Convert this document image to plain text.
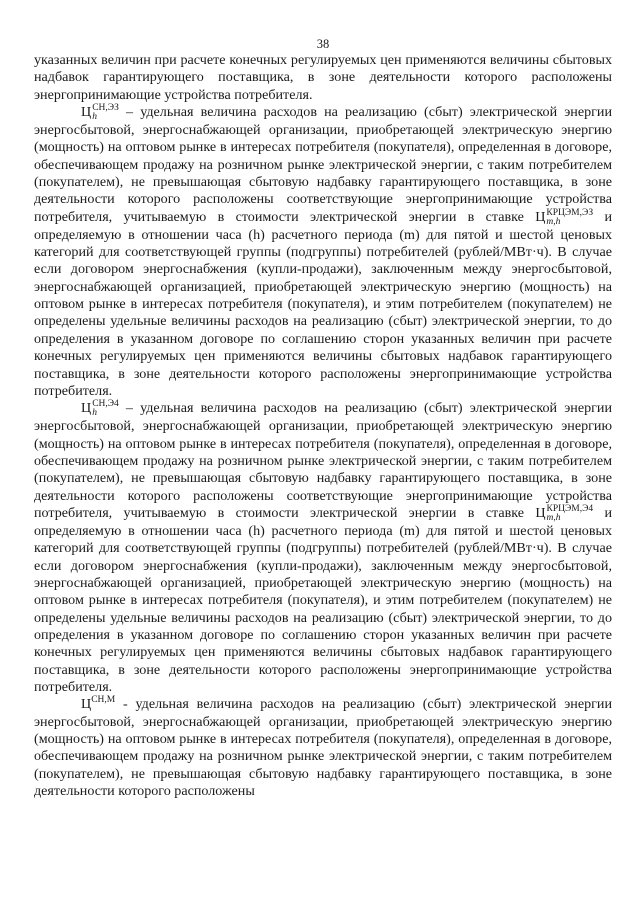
38

указанных величин при расчете конечных регулируемых цен применяются величины сбытовых надбавок гарантирующего поставщика, в зоне деятельности которого расположены энергопринимающие устройства потребителя.

Ц СН,ЭЗ
h	– удельная величина расходов на реализацию (сбыт) электрической энергии энергосбытовой, энергоснабжающей организации, приобретающей электрическую энергию (мощность) на оптовом рынке в интересах потребителя (покупателя), определенная в договоре, обеспечивающем продажу на розничном рынке электрической энергии, с таким потребителем (покупателем), не превышающая сбытовую надбавку гарантирующего поставщика, в зоне деятельности которого расположены соответствующие энергопринимающие устройства потребителя, учитываемую в стоимости электрической энергии в ставке Ц КРЦЭМ,ЭЗ
m,h	и определяемую в отношении часа (h) расчетного периода (m) для пятой и шестой ценовых категорий для соответствующей группы (подгруппы) потребителей (рублей/МВт·ч). В случае если договором энергоснабжения (купли-продажи), заключенным между энергосбытовой, энергоснабжающей организацией, приобретающей электрическую энергию (мощность) на оптовом рынке в интересах потребителя (покупателя), и этим потребителем (покупателем) не определены удельные величины расходов на реализацию (сбыт) электрической энергии, то до определения в указанном договоре по соглашению сторон указанных величин при расчете конечных регулируемых цен применяются величины сбытовых надбавок гарантирующего поставщика, в зоне деятельности которого расположены энергопринимающие устройства потребителя.

Ц СН,Э4
h	– удельная величина расходов на реализацию (сбыт) электрической энергии энергосбытовой, энергоснабжающей организации, приобретающей электрическую энергию (мощность) на оптовом рынке в интересах потребителя (покупателя), определенная в договоре, обеспечивающем продажу на розничном рынке электрической энергии, с таким потребителем (покупателем), не превышающая сбытовую надбавку гарантирующего поставщика, в зоне деятельности которого расположены соответствующие энергопринимающие устройства потребителя, учитываемую в стоимости электрической энергии в ставке Ц КРЦЭМ,Э4
m,h	и определяемую в отношении часа (h) расчетного периода (m) для пятой и шестой ценовых категорий для соответствующей группы (подгруппы) потребителей (рублей/МВт·ч). В случае если договором энергоснабжения (купли-продажи), заключенным между энергосбытовой, энергоснабжающей организацией, приобретающей электрическую энергию (мощность) на оптовом рынке в интересах потребителя (покупателя), и этим потребителем (покупателем) не определены удельные величины расходов на реализацию (сбыт) электрической энергии, то до определения в указанном договоре по соглашению сторон указанных величин при расчете конечных регулируемых цен применяются величины сбытовых надбавок гарантирующего поставщика, в зоне деятельности которого расположены энергопринимающие устройства потребителя.

$Ц^{СН,М}$ - удельная величина расходов на реализацию (сбыт) электрической энергии энергосбытовой, энергоснабжающей организации, приобретающей электрическую энергию (мощность) на оптовом рынке в интересах потребителя (покупателя), определенная в договоре, обеспечивающем продажу на розничном рынке электрической энергии, с таким потребителем (покупателем), не превышающая сбытовую надбавку гарантирующего поставщика, в зоне деятельности которого расположены
